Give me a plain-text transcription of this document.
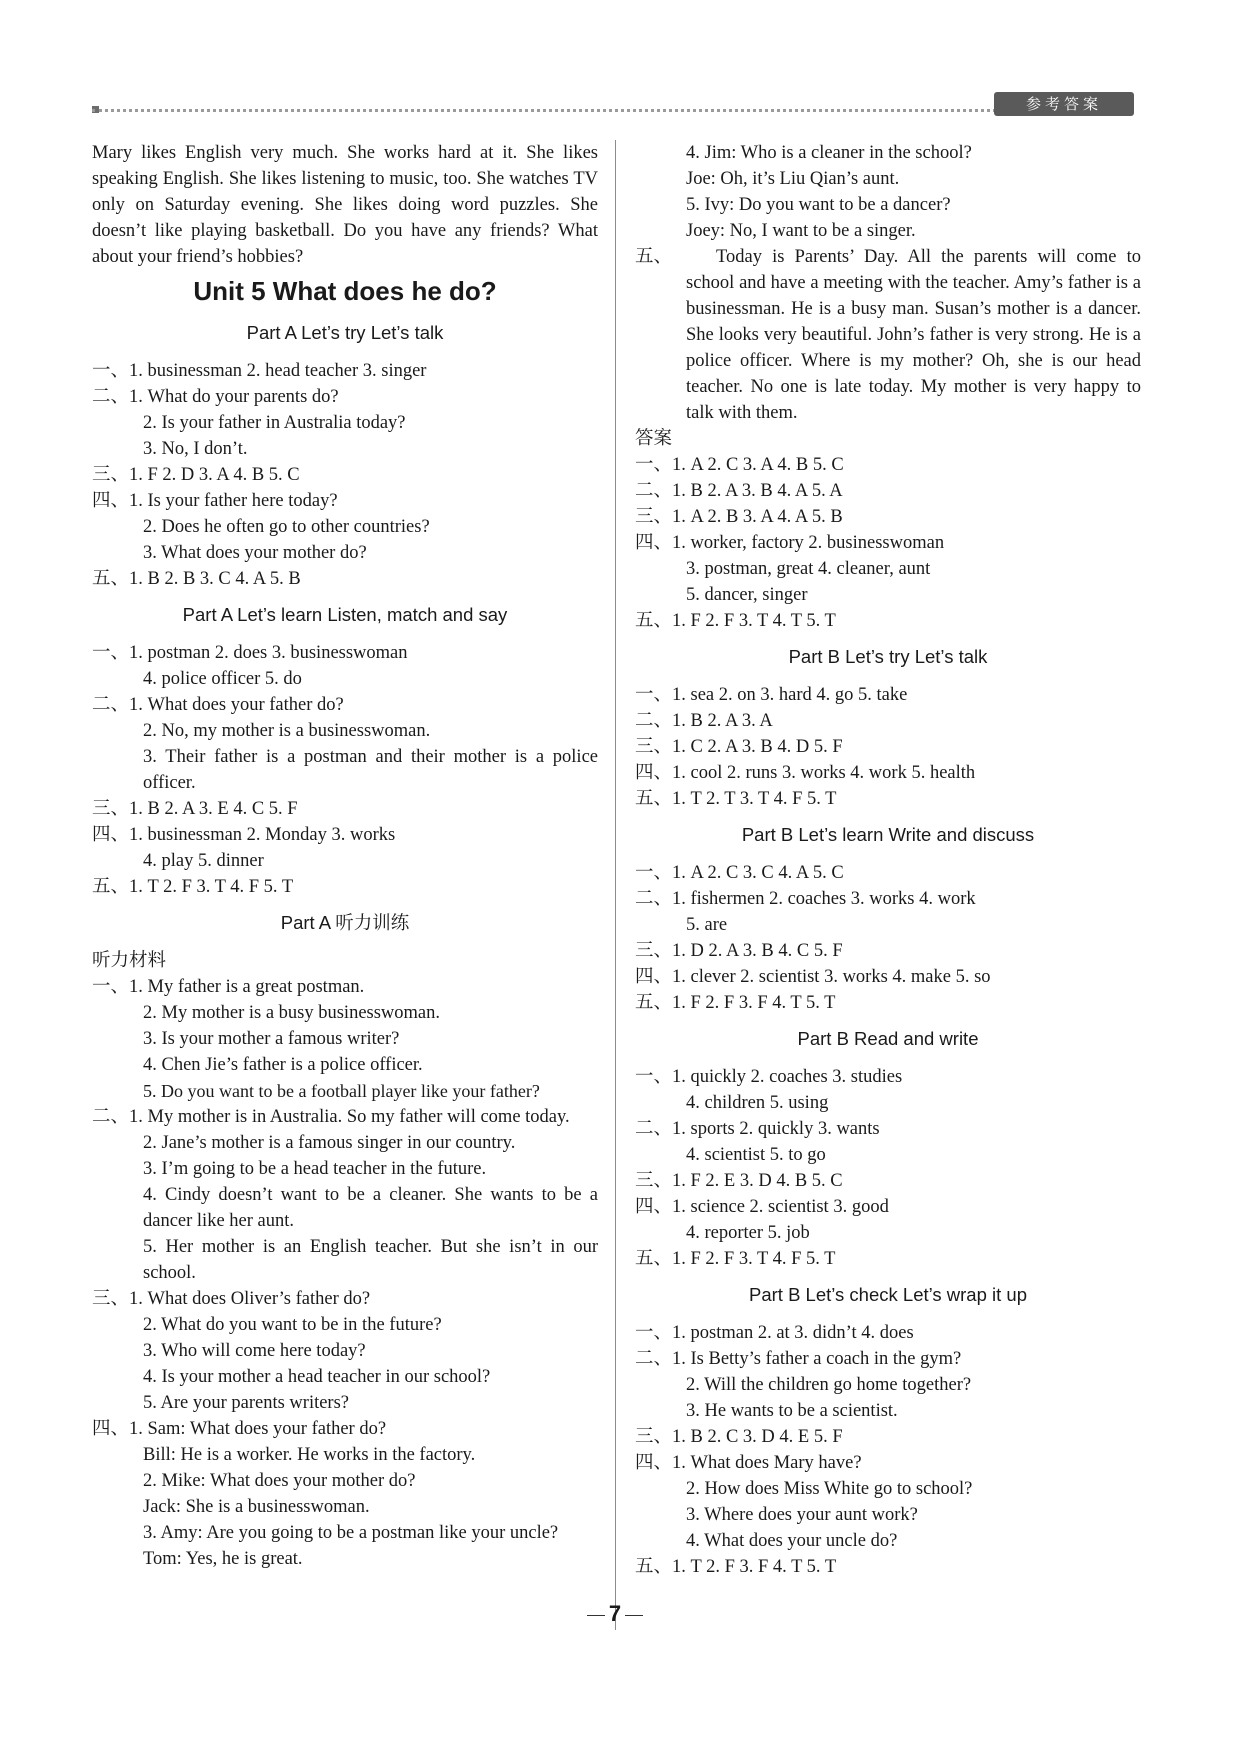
参考答案

Mary likes English very much. She works hard at it. She likes speaking English. She likes listening to music, too. She watches TV only on Saturday evening. She likes doing word puzzles. She doesn’t like playing basketball. Do you have any friends? What about your friend’s hobbies?

Unit 5 What does he do?
Part A Let’s try Let’s talk

一、1. businessman 2. head teacher 3. singer

二、1. What do your parents do?

2. Is your father in Australia today?

3. No, I don’t.

三、1. F 2. D 3. A 4. B 5. C

四、1. Is your father here today?

2. Does he often go to other countries?

3. What does your mother do?

五、1. B 2. B 3. C 4. A 5. B

Part A Let’s learn Listen, match and say

一、1. postman 2. does 3. businesswoman

4. police officer 5. do

二、1. What does your father do?

2. No, my mother is a businesswoman.

3. Their father is a postman and their mother is a police officer.

三、1. B 2. A 3. E 4. C 5. F

四、1. businessman 2. Monday 3. works

4. play 5. dinner

五、1. T 2. F 3. T 4. F 5. T

Part A 听力训练

听力材料

一、1. My father is a great postman.

2. My mother is a busy businesswoman.

3. Is your mother a famous writer?

4. Chen Jie’s father is a police officer.

5. Do you want to be a football player like your father?

二、1. My mother is in Australia. So my father will come today.

2. Jane’s mother is a famous singer in our country.

3. I’m going to be a head teacher in the future.

4. Cindy doesn’t want to be a cleaner. She wants to be a dancer like her aunt.

5. Her mother is an English teacher. But she isn’t in our school.

三、1. What does Oliver’s father do?

2. What do you want to be in the future?

3. Who will come here today?

4. Is your mother a head teacher in our school?

5. Are your parents writers?

四、1. Sam: What does your father do?

Bill: He is a worker. He works in the factory.

2. Mike: What does your mother do?

Jack: She is a businesswoman.

3. Amy: Are you going to be a postman like your uncle?

Tom: Yes, he is great.

4. Jim: Who is a cleaner in the school?

Joe: Oh, it’s Liu Qian’s aunt.

5. Ivy: Do you want to be a dancer?

Joey: No, I want to be a singer.

五、	Today is Parents’ Day. All the parents will come to school and have a meeting with the teacher. Amy’s father is a businessman. He is a busy man. Susan’s mother is a dancer. She looks very beautiful. John’s father is very strong. He is a police officer. Where is my mother? Oh, she is our head teacher. No one is late today. My mother is very happy to talk with them.

答案

一、1. A 2. C 3. A 4. B 5. C

二、1. B 2. A 3. B 4. A 5. A

三、1. A 2. B 3. A 4. A 5. B

四、1. worker, factory 2. businesswoman

3. postman, great 4. cleaner, aunt

5. dancer, singer

五、1. F 2. F 3. T 4. T 5. T

Part B Let’s try Let’s talk

一、1. sea 2. on 3. hard 4. go 5. take

二、1. B 2. A 3. A

三、1. C 2. A 3. B 4. D 5. F

四、1. cool 2. runs 3. works 4. work 5. health

五、1. T 2. T 3. T 4. F 5. T

Part B Let’s learn Write and discuss

一、1. A 2. C 3. C 4. A 5. C

二、1. fishermen 2. coaches 3. works 4. work

5. are

三、1. D 2. A 3. B 4. C 5. F

四、1. clever 2. scientist 3. works 4. make 5. so

五、1. F 2. F 3. F 4. T 5. T

Part B Read and write

一、1. quickly 2. coaches 3. studies

4. children 5. using

二、1. sports 2. quickly 3. wants

4. scientist 5. to go

三、1. F 2. E 3. D 4. B 5. C

四、1. science 2. scientist 3. good

4. reporter 5. job

五、1. F 2. F 3. T 4. F 5. T

Part B Let’s check Let’s wrap it up

一、1. postman 2. at 3. didn’t 4. does

二、1. Is Betty’s father a coach in the gym?

2. Will the children go home together?

3. He wants to be a scientist.

三、1. B 2. C 3. D 4. E 5. F

四、1. What does Mary have?

2. How does Miss White go to school?

3. Where does your aunt work?

4. What does your uncle do?

五、1. T 2. F 3. F 4. T 5. T

7
